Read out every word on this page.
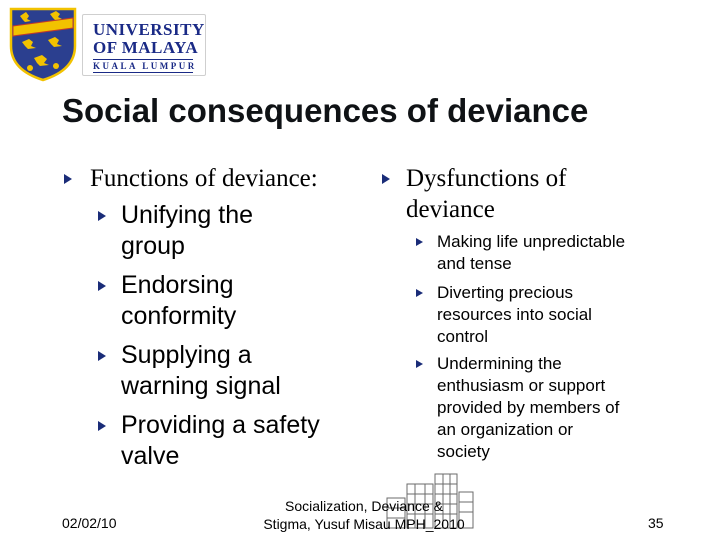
UNIVERSITY
OF MALAYA
KUALA LUMPUR
Social consequences of deviance

Functions of deviance:

Unifying the
group

Endorsing
conformity

Supplying a
warning signal

Providing a safety
valve

Dysfunctions of
deviance

Making life unpredictable
and tense

Diverting precious
resources into social
control

Undermining the
enthusiasm or support
provided by members of
an organization or
society

02/02/10
Socialization, Deviance &
Stigma, Yusuf Misau MPH_2010	35
